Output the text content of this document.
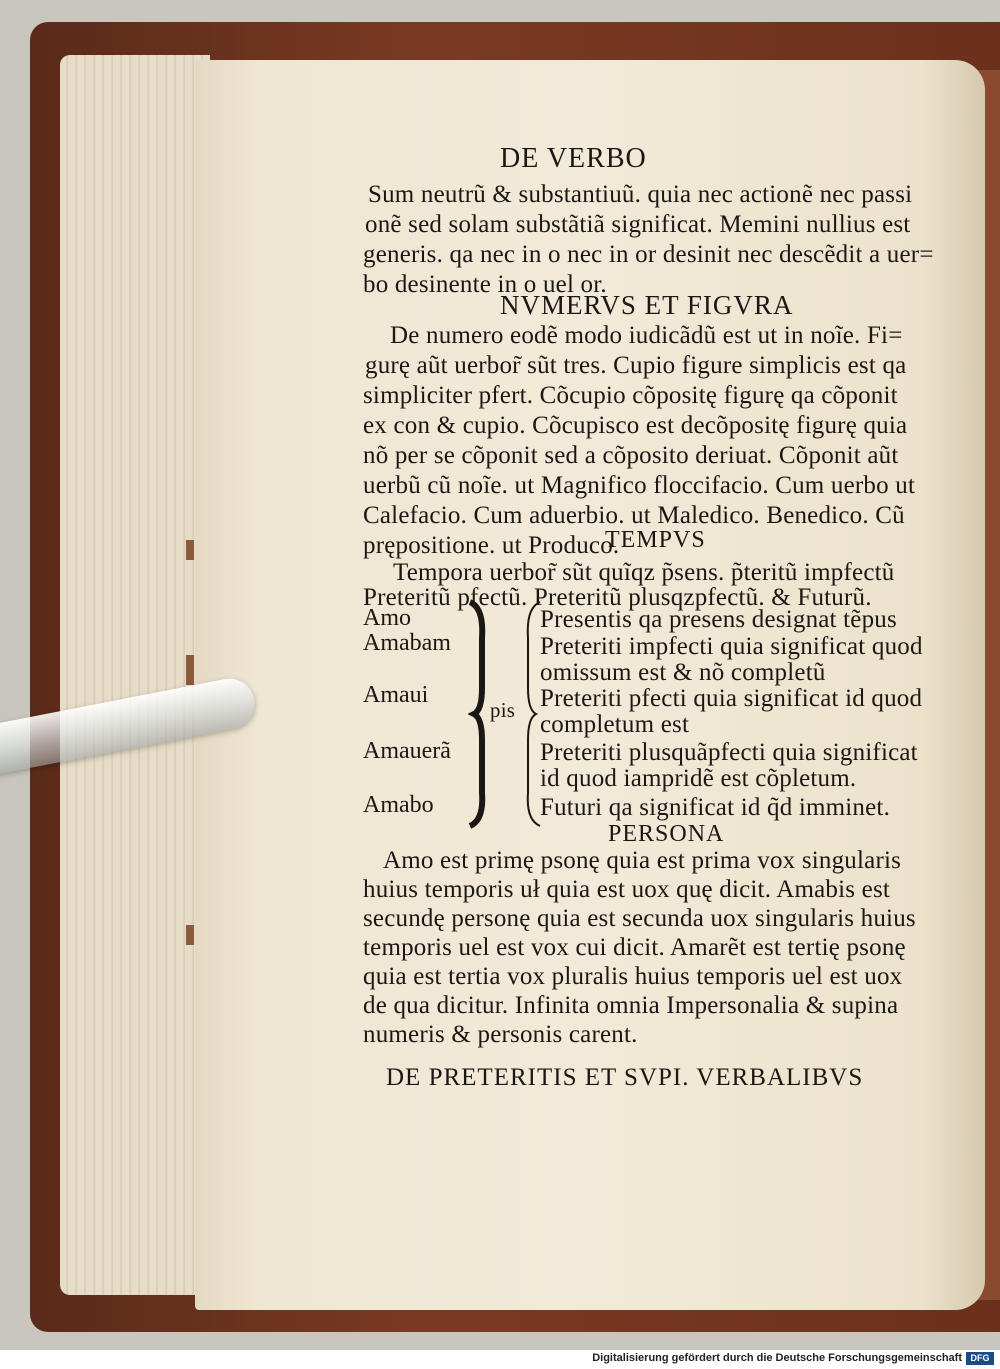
DE VERBO
Sum neutrũ & substantiuũ. quia nec actionẽ nec passi
onẽ sed solam substãtiã significat. Memini nullius est
generis. qa nec in o nec in or desinit nec descẽdit a uer=
bo desinente in o uel or.
NVMERVS ET FIGVRA
De numero eodẽ modo iudicãdũ est ut in noĩe. Fi=
gurę aũt uerbor̃ sũt tres. Cupio figure simplicis est qa
simpliciter pfert. Cõcupio cõpositę figurę qa cõponit
ex con & cupio. Cõcupisco est decõpositę figurę quia
nõ per se cõponit sed a cõposito deriuat. Cõponit aũt
uerbũ cũ noĩe. ut Magnifico floccifacio. Cum uerbo ut
Calefacio. Cum aduerbio. ut Maledico. Benedico. Cũ
prępositione. ut Produco.
TEMPVS
Tempora uerbor̃ sũt quĩqz p̃sens. p̃teritũ impfectũ
Preteritũ pfectũ. Preteritũ plusqzpfectũ. & Futurũ.
Amo
Amabam
Amaui
Amauerã
Amabo
pis
Presentis qa presens designat tẽpus
Preteriti impfecti quia significat quod
omissum est & nõ completũ
Preteriti pfecti quia significat id quod
completum est
Preteriti plusquãpfecti quia significat
id quod iampridẽ est cõpletum.
Futuri qa significat id q̃d imminet.
PERSONA
Amo est primę psonę quia est prima vox singularis
huius temporis uł quia est uox quę dicit. Amabis est
secundę personę quia est secunda uox singularis huius
temporis uel est vox cui dicit. Amarẽt est tertię psonę
quia est tertia vox pluralis huius temporis uel est uox
de qua dicitur. Infinita omnia Impersonalia & supina
numeris & personis carent.
DE PRETERITIS ET SVPI. VERBALIBVS
Digitalisierung gefördert durch die Deutsche Forschungsgemeinschaft DFG
